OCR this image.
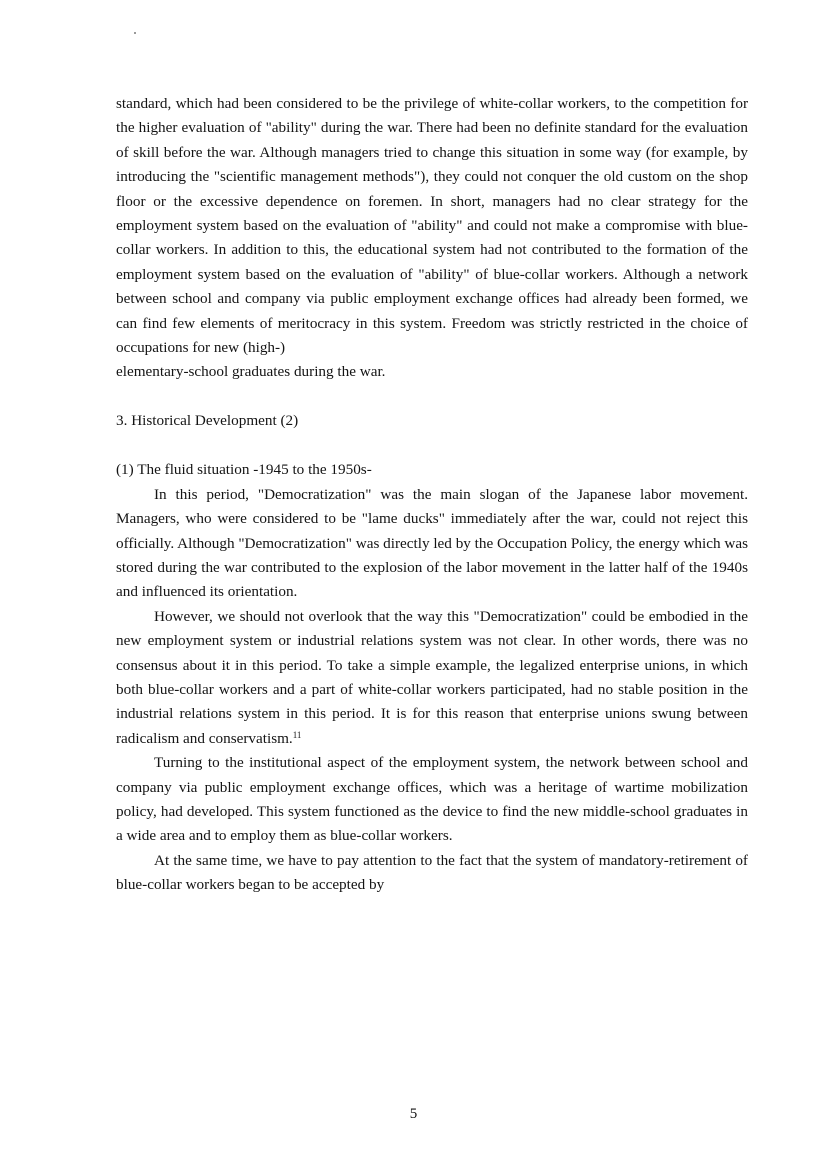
standard, which had been considered to be the privilege of white-collar workers, to the competition for the higher evaluation of "ability" during the war. There had been no definite standard for the evaluation of skill before the war. Although managers tried to change this situation in some way (for example, by introducing the "scientific management methods"), they could not conquer the old custom on the shop floor or the excessive dependence on foremen. In short, managers had no clear strategy for the employment system based on the evaluation of "ability" and could not make a compromise with blue-collar workers. In addition to this, the educational system had not contributed to the formation of the employment system based on the evaluation of "ability" of blue-collar workers. Although a network between school and company via public employment exchange offices had already been formed, we can find few elements of meritocracy in this system. Freedom was strictly restricted in the choice of occupations for new (high-)
elementary-school graduates during the war.

3. Historical Development (2)

(1) The fluid situation -1945 to the 1950s-

In this period, "Democratization" was the main slogan of the Japanese labor movement. Managers, who were considered to be "lame ducks" immediately after the war, could not reject this officially. Although "Democratization" was directly led by the Occupation Policy, the energy which was stored during the war contributed to the explosion of the labor movement in the latter half of the 1940s and influenced its orientation.

However, we should not overlook that the way this "Democratization" could be embodied in the new employment system or industrial relations system was not clear. In other words, there was no consensus about it in this period. To take a simple example, the legalized enterprise unions, in which both blue-collar workers and a part of white-collar workers participated, had no stable position in the industrial relations system in this period. It is for this reason that enterprise unions swung between radicalism and conservatism.$^{11}$

Turning to the institutional aspect of the employment system, the network between school and company via public employment exchange offices, which was a heritage of wartime mobilization policy, had developed. This system functioned as the device to find the new middle-school graduates in a wide area and to employ them as blue-collar workers.

At the same time, we have to pay attention to the fact that the system of mandatory-retirement of blue-collar workers began to be accepted by

5
